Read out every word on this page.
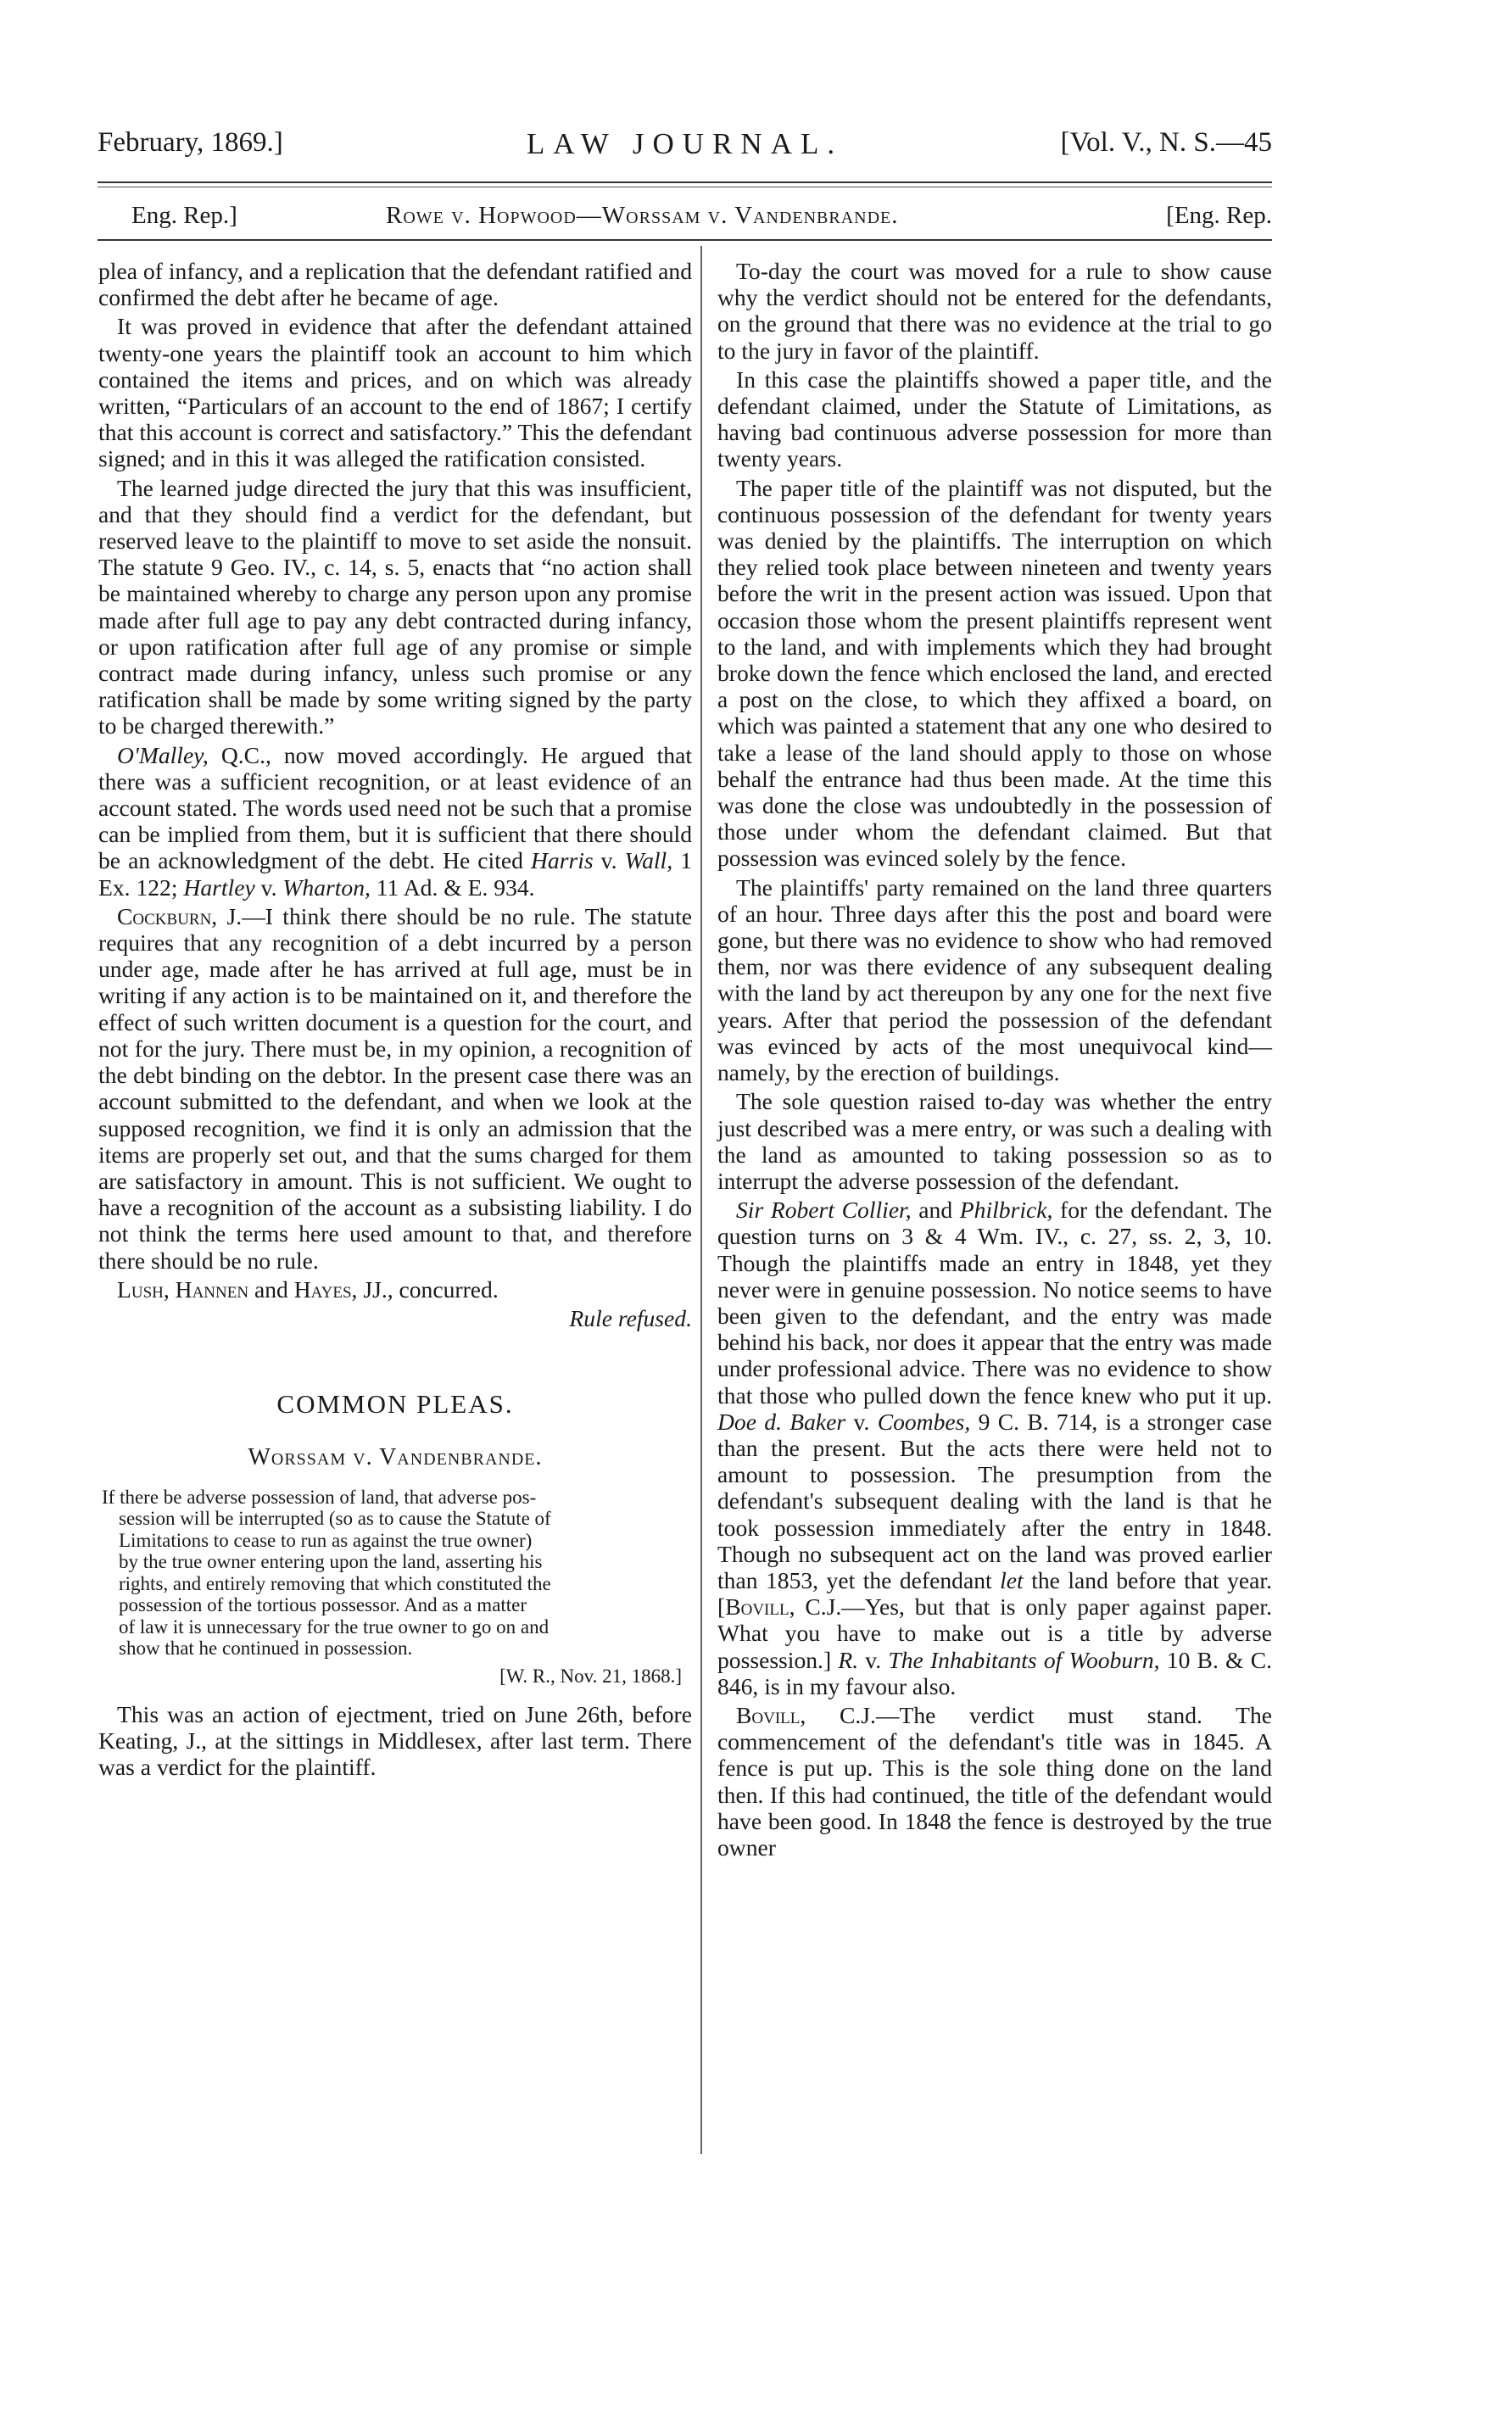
February, 1869.]	LAW JOURNAL.	[Vol. V., N. S.—45
Eng. Rep.]	Rowe v. Hopwood—Worssam v. Vandenbrande.	[Eng. Rep.

plea of infancy, and a replication that the defendant ratified and confirmed the debt after he became of age.

It was proved in evidence that after the defendant attained twenty-one years the plaintiff took an account to him which contained the items and prices, and on which was already written, “Particulars of an account to the end of 1867; I certify that this account is correct and satisfactory.” This the defendant signed; and in this it was alleged the ratification consisted.

The learned judge directed the jury that this was insufficient, and that they should find a verdict for the defendant, but reserved leave to the plaintiff to move to set aside the nonsuit. The statute 9 Geo. IV., c. 14, s. 5, enacts that “no action shall be maintained whereby to charge any person upon any promise made after full age to pay any debt contracted during infancy, or upon ratification after full age of any promise or simple contract made during infancy, unless such promise or any ratification shall be made by some writing signed by the party to be charged therewith.”

O'Malley, Q.C., now moved accordingly. He argued that there was a sufficient recognition, or at least evidence of an account stated. The words used need not be such that a promise can be implied from them, but it is sufficient that there should be an acknowledgment of the debt. He cited Harris v. Wall, 1 Ex. 122; Hartley v. Wharton, 11 Ad. & E. 934.

Cockburn, J.—I think there should be no rule. The statute requires that any recognition of a debt incurred by a person under age, made after he has arrived at full age, must be in writing if any action is to be maintained on it, and therefore the effect of such written document is a question for the court, and not for the jury. There must be, in my opinion, a recognition of the debt binding on the debtor. In the present case there was an account submitted to the defendant, and when we look at the supposed recognition, we find it is only an admission that the items are properly set out, and that the sums charged for them are satisfactory in amount. This is not sufficient. We ought to have a recognition of the account as a subsisting liability. I do not think the terms here used amount to that, and therefore there should be no rule.

Lush, Hannen and Hayes, JJ., concurred.

Rule refused.

COMMON PLEAS.
Worssam v. Vandenbrande.
If there be adverse possession of land, that adverse pos-
session will be interrupted (so as to cause the Statute of
Limitations to cease to run as against the true owner)
by the true owner entering upon the land, asserting his
rights, and entirely removing that which constituted the
possession of the tortious possessor. And as a matter
of law it is unnecessary for the true owner to go on and
show that he continued in possession.
[W. R., Nov. 21, 1868.]

This was an action of ejectment, tried on June 26th, before Keating, J., at the sittings in Middlesex, after last term. There was a verdict for the plaintiff.

To-day the court was moved for a rule to show cause why the verdict should not be entered for the defendants, on the ground that there was no evidence at the trial to go to the jury in favor of the plaintiff.

In this case the plaintiffs showed a paper title, and the defendant claimed, under the Statute of Limitations, as having bad continuous adverse possession for more than twenty years.

The paper title of the plaintiff was not disputed, but the continuous possession of the defendant for twenty years was denied by the plaintiffs. The interruption on which they relied took place between nineteen and twenty years before the writ in the present action was issued. Upon that occasion those whom the present plaintiffs represent went to the land, and with implements which they had brought broke down the fence which enclosed the land, and erected a post on the close, to which they affixed a board, on which was painted a statement that any one who desired to take a lease of the land should apply to those on whose behalf the entrance had thus been made. At the time this was done the close was undoubtedly in the possession of those under whom the defendant claimed. But that possession was evinced solely by the fence.

The plaintiffs' party remained on the land three quarters of an hour. Three days after this the post and board were gone, but there was no evidence to show who had removed them, nor was there evidence of any subsequent dealing with the land by act thereupon by any one for the next five years. After that period the possession of the defendant was evinced by acts of the most unequivocal kind—namely, by the erection of buildings.

The sole question raised to-day was whether the entry just described was a mere entry, or was such a dealing with the land as amounted to taking possession so as to interrupt the adverse possession of the defendant.

Sir Robert Collier, and Philbrick, for the defendant. The question turns on 3 & 4 Wm. IV., c. 27, ss. 2, 3, 10. Though the plaintiffs made an entry in 1848, yet they never were in genuine possession. No notice seems to have been given to the defendant, and the entry was made behind his back, nor does it appear that the entry was made under professional advice. There was no evidence to show that those who pulled down the fence knew who put it up. Doe d. Baker v. Coombes, 9 C. B. 714, is a stronger case than the present. But the acts there were held not to amount to possession. The presumption from the defendant's subsequent dealing with the land is that he took possession immediately after the entry in 1848. Though no subsequent act on the land was proved earlier than 1853, yet the defendant let the land before that year. [Bovill, C.J.—Yes, but that is only paper against paper. What you have to make out is a title by adverse possession.] R. v. The Inhabitants of Wooburn, 10 B. & C. 846, is in my favour also.

Bovill, C.J.—The verdict must stand. The commencement of the defendant's title was in 1845. A fence is put up. This is the sole thing done on the land then. If this had continued, the title of the defendant would have been good. In 1848 the fence is destroyed by the true owner
